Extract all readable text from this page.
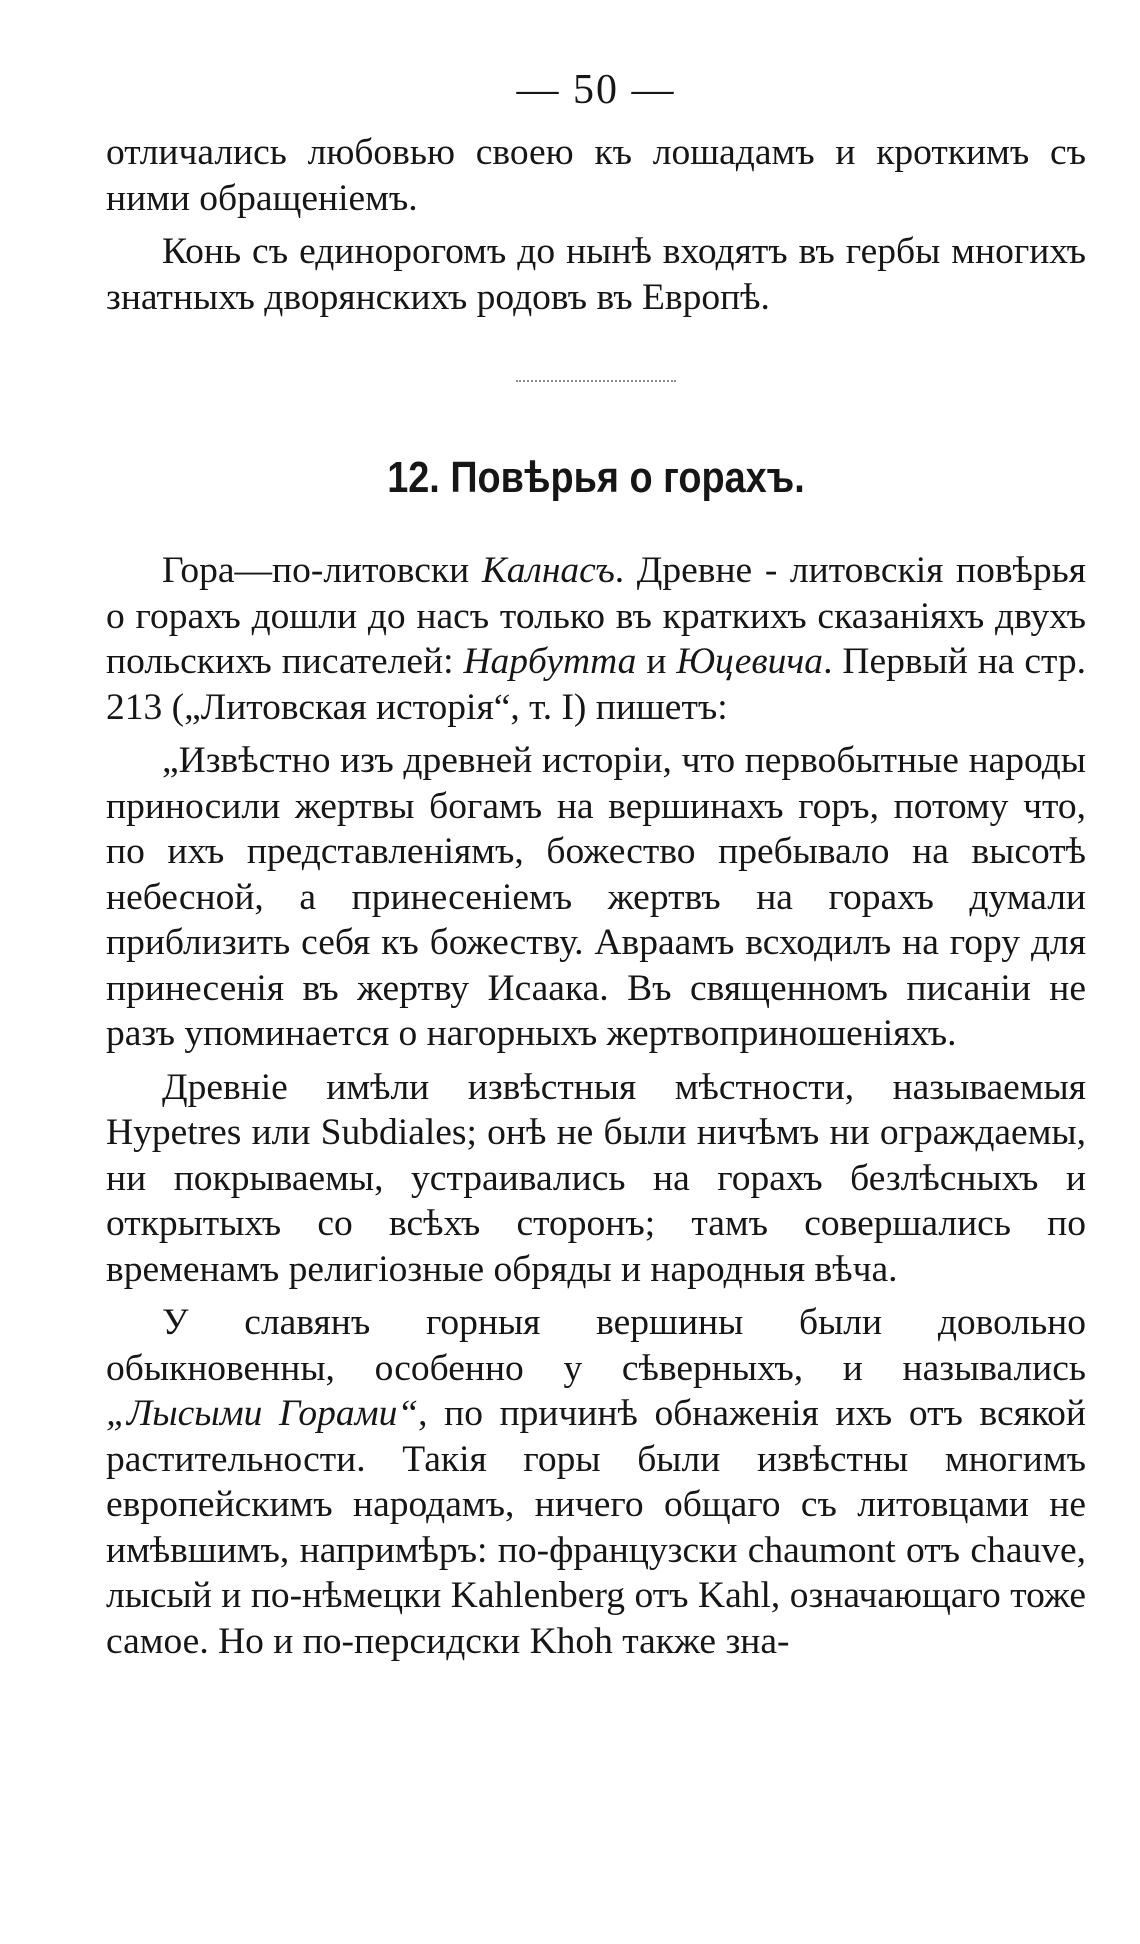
— 50 —

отличались любовью своею къ лошадамъ и кроткимъ съ ними обращеніемъ.

Конь съ единорогомъ до нынѣ входятъ въ гербы многихъ знатныхъ дворянскихъ родовъ въ Европѣ.

12. Повѣрья о горахъ.

Гора—по-литовски Калнасъ. Древне - литовскія повѣрья о горахъ дошли до насъ только въ краткихъ сказаніяхъ двухъ польскихъ писателей: Нарбутта и Юцевича. Первый на стр. 213 („Литовская исторія“, т. I) пишетъ:

„Извѣстно изъ древней исторіи, что первобытные народы приносили жертвы богамъ на вершинахъ горъ, потому что, по ихъ представленіямъ, божество пребывало на высотѣ небесной, а принесеніемъ жертвъ на горахъ думали приблизить себя къ божеству. Авраамъ всходилъ на гору для принесенія въ жертву Исаака. Въ священномъ писаніи не разъ упоминается о нагорныхъ жертвоприношеніяхъ.

Древніе имѣли извѣстныя мѣстности, называемыя Hypetres или Subdiales; онѣ не были ничѣмъ ни ограждаемы, ни покрываемы, устраивались на горахъ безлѣсныхъ и открытыхъ со всѣхъ сторонъ; тамъ совершались по временамъ религіозные обряды и народныя вѣча.

У славянъ горныя вершины были довольно обыкновенны, особенно у сѣверныхъ, и назывались „Лысыми Горами“, по причинѣ обнаженія ихъ отъ всякой растительности. Такія горы были извѣстны многимъ европейскимъ народамъ, ничего общаго съ литовцами не имѣвшимъ, напримѣръ: по-французски chaumont отъ chauve, лысый и по-нѣмецки Kahlenberg отъ Kahl, означающаго тоже самое. Но и по-персидски Khoh также зна-
